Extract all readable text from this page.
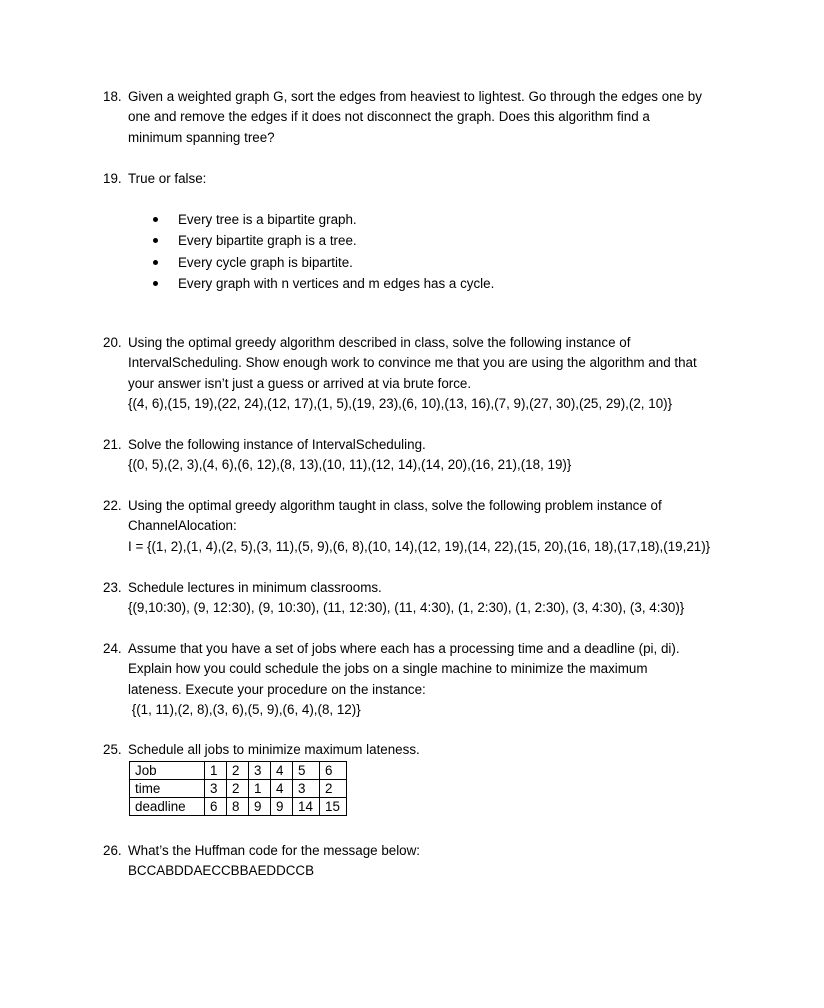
18. Given a weighted graph G, sort the edges from heaviest to lightest. Go through the edges one by
one and remove the edges if it does not disconnect the graph. Does this algorithm find a
minimum spanning tree?
19. True or false:
Every tree is a bipartite graph.
Every bipartite graph is a tree.
Every cycle graph is bipartite.
Every graph with n vertices and m edges has a cycle.
20. Using the optimal greedy algorithm described in class, solve the following instance of
IntervalScheduling. Show enough work to convince me that you are using the algorithm and that
your answer isn’t just a guess or arrived at via brute force.
{(4, 6),(15, 19),(22, 24),(12, 17),(1, 5),(19, 23),(6, 10),(13, 16),(7, 9),(27, 30),(25, 29),(2, 10)}
21. Solve the following instance of IntervalScheduling.
{(0, 5),(2, 3),(4, 6),(6, 12),(8, 13),(10, 11),(12, 14),(14, 20),(16, 21),(18, 19)}
22. Using the optimal greedy algorithm taught in class, solve the following problem instance of
ChannelAlocation:
I = {(1, 2),(1, 4),(2, 5),(3, 11),(5, 9),(6, 8),(10, 14),(12, 19),(14, 22),(15, 20),(16, 18),(17,18),(19,21)}
23. Schedule lectures in minimum classrooms.
{(9,10:30), (9, 12:30), (9, 10:30), (11, 12:30), (11, 4:30), (1, 2:30), (1, 2:30), (3, 4:30), (3, 4:30)}
24. Assume that you have a set of jobs where each has a processing time and a deadline (pi, di).
Explain how you could schedule the jobs on a single machine to minimize the maximum
lateness. Execute your procedure on the instance:
{(1, 11),(2, 8),(3, 6),(5, 9),(6, 4),(8, 12)}
25. Schedule all jobs to minimize maximum lateness.
Job	1	2	3	4	5	6
time	3	2	1	4	3	2
deadline	6	8	9	9	14	15
26. What’s the Huffman code for the message below:
BCCABDDAECCBBAEDDCCB
